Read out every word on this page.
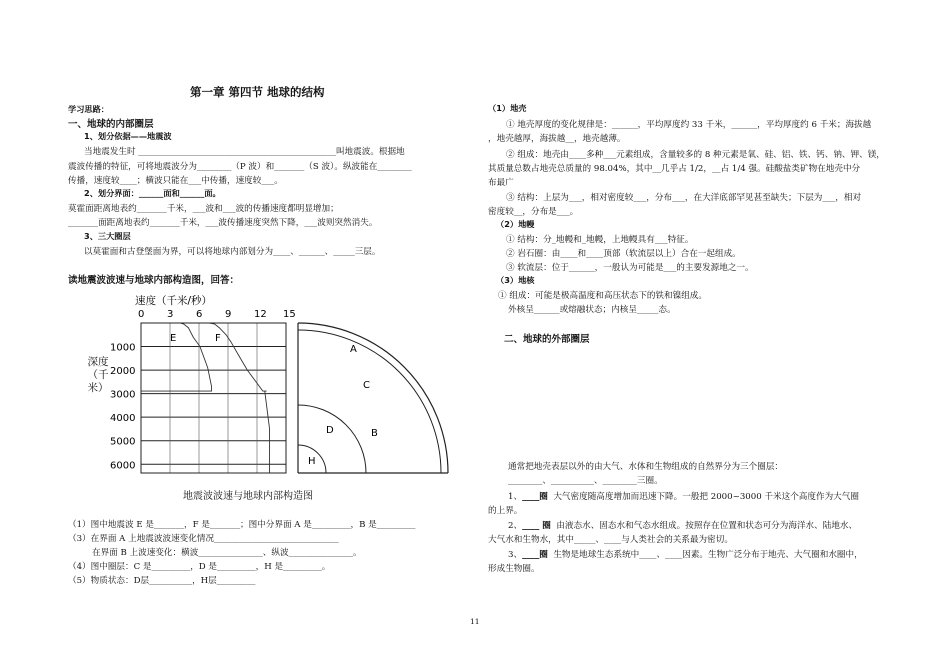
第一章 第四节 地球的结构
学习思路：
一、地球的内部圈层
1、划分依据——地震波
当地震发生时 ______________________________________________叫地震波。根据地
震波传播的特征，可将地震波分为________（P 波）和_______（S 波）。纵波能在________
传播，速度较____；横波只能在___中传播，速度较___。
2、划分界面：______面和______面。
莫霍面距离地表约_______千米，___波和___波的传播速度都明显增加；
_______面距离地表约_______千米，___波传播速度突然下降，___波则突然消失。
3、三大圈层
以莫霍面和古登堡面为界，可以将地球内部划分为____、______、_____三层。
读地震波波速与地球内部构造图，回答：
速度（千米/秒）
0 3 6 9 12 15
1000
2000
3000
4000
5000
6000
E	F
A
C
B
D
H
深度（千米）
地震波波速与地球内部构造图
（1）图中地震波 E 是_______，F 是_______；图中分界面 A 是_________，B 是_________
（3）在界面 A 上地震波波速变化情况_____________________________
在界面 B 上波速变化：横波_______________、纵波_______________。
（4）图中圈层：C 是_________，D 是_________，H 是_________。
（5）物质状态：D层__________，H层_________
（1）地壳
① 地壳厚度的变化规律是：______，平均厚度约 33 千米，______，平均厚度约 6 千米；海拔越
，地壳越厚，海拔越__，地壳越薄。
② 组成：地壳由____多种___元素组成，含量较多的 8 种元素是氧、硅、铝、铁、钙、钠、钾、镁，
其质量总数占地壳总质量的 98.04%，其中__几乎占 1/2，__占 1/4 强。硅酸盐类矿物在地壳中分
布最广
③ 结构：上层为___，相对密度较___，分布___，在大洋底部罕见甚至缺失；下层为___，相对
密度较__，分布是___。
（2）地幔
① 结构：分_地幔和_地幔，上地幔具有___特征。
② 岩石圈：由____和____顶部（软流层以上）合在一起组成。
③ 软流层：位于______，一般认为可能是___的主要发源地之一。
（3）地核
① 组成：可能是极高温度和高压状态下的铁和镍组成。
外核呈______或熔融状态；内核呈_____态。
二、地球的外部圈层
通常把地壳表层以外的由大气、水体和生物组成的自然界分为三个圈层：
________、__________、________三圈。
1、____圈 大气密度随高度增加而迅速下降。一般把 2000~3000 千米这个高度作为大气圈
的上界。
2、____ 圈 由液态水、固态水和气态水组成。按照存在位置和状态可分为海洋水、陆地水、
大气水和生物水，其中_____、____与人类社会的关系最为密切。
3、____圈 生物是地球生态系统中____、____因素。生物广泛分布于地壳、大气圈和水圈中，
形成生物圈。
11
